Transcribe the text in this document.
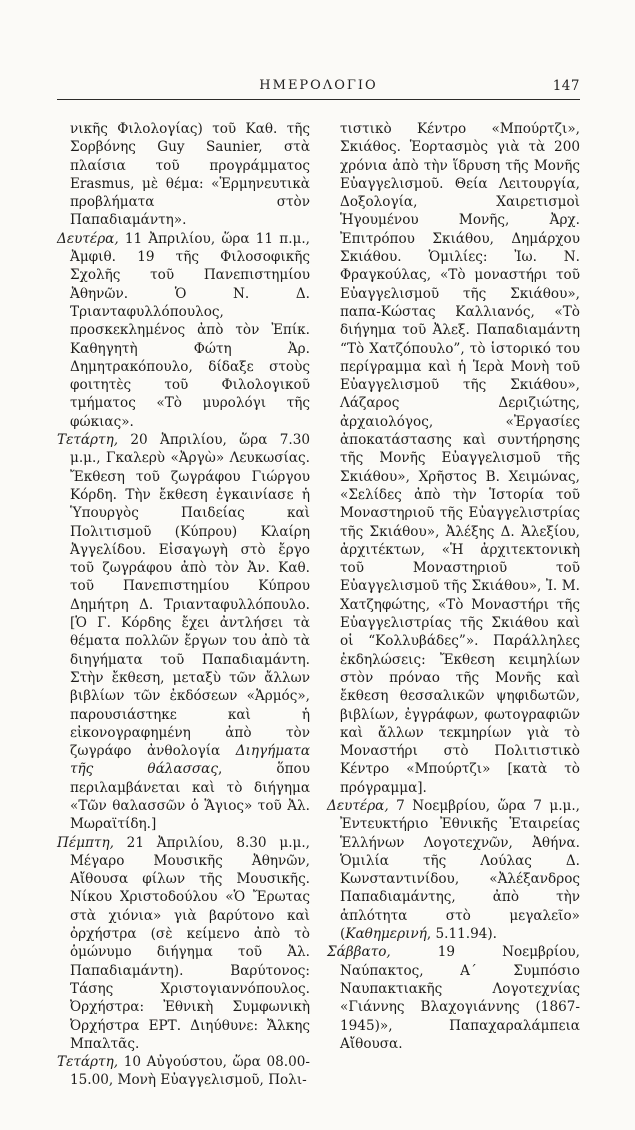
ΗΜΕΡΟΛΟΓΙΟ	147

νικῆς Φιλολογίας) τοῦ Καθ. τῆς Σορβόνης Guy Saunier, στὰ πλαίσια τοῦ προγράμματος Erasmus, μὲ θέμα: «Ἑρμηνευτικὰ προβλήματα στὸν Παπαδιαμάντη».

Δευτέρα, 11 Ἀπριλίου, ὥρα 11 π.μ., Ἀμφιθ. 19 τῆς Φιλοσοφικῆς Σχολῆς τοῦ Πανεπιστημίου Ἀθηνῶν. Ὁ Ν. Δ. Τριανταφυλλόπουλος, προσκεκλημένος ἀπὸ τὸν Ἐπίκ. Καθηγητὴ Φώτη Ἀρ. Δημητρακόπουλο, δίδαξε στοὺς φοιτητὲς τοῦ Φιλολογικοῦ τμήματος «Τὸ μυρολόγι τῆς φώκιας».

Τετάρτη, 20 Ἀπριλίου, ὥρα 7.30 μ.μ., Γκαλερὺ «Ἀργὼ» Λευκωσίας. Ἔκθεση τοῦ ζωγράφου Γιώργου Κόρδη. Τὴν ἔκθεση ἐγκαινίασε ἡ Ὑπουργὸς Παιδείας καὶ Πολιτισμοῦ (Κύπρου) Κλαίρη Ἀγγελίδου. Εἰσαγωγὴ στὸ ἔργο τοῦ ζωγράφου ἀπὸ τὸν Ἀν. Καθ. τοῦ Πανεπιστημίου Κύπρου Δημήτρη Δ. Τριανταφυλλόπουλο. [Ὁ Γ. Κόρδης ἔχει ἀντλήσει τὰ θέματα πολλῶν ἔργων του ἀπὸ τὰ διηγήματα τοῦ Παπαδιαμάντη. Στὴν ἔκθεση, μεταξὺ τῶν ἄλλων βιβλίων τῶν ἐκδόσεων «Ἁρμός», παρουσιάστηκε καὶ ἡ εἰκονογραφημένη ἀπὸ τὸν ζωγράφο ἀνθολογία Διηγήματα τῆς θάλασσας, ὅπου περιλαμβάνεται καὶ τὸ διήγημα «Τῶν θαλασσῶν ὁ Ἅγιος» τοῦ Ἀλ. Μωραϊτίδη.]

Πέμπτη, 21 Ἀπριλίου, 8.30 μ.μ., Μέγαρο Μουσικῆς Ἀθηνῶν, Αἴθουσα φίλων τῆς Μουσικῆς. Νίκου Χριστοδούλου «Ὁ Ἔρωτας στὰ χιόνια» γιὰ βαρύτονο καὶ ὀρχήστρα (σὲ κείμενο ἀπὸ τὸ ὁμώνυμο διήγημα τοῦ Ἀλ. Παπαδιαμάντη). Βαρύτονος: Τάσης Χριστογιαννόπουλος. Ὀρχήστρα: Ἐθνικὴ Συμφωνικὴ Ὀρχήστρα ΕΡΤ. Διηύθυνε: Ἄλκης Μπαλτᾶς.

Τετάρτη, 10 Αὐγούστου, ὥρα 08.00-15.00, Μονὴ Εὐαγγελισμοῦ, Πολι-

τιστικὸ Κέντρο «Μπούρτζι», Σκιάθος. Ἑορτασμὸς γιὰ τὰ 200 χρόνια ἀπὸ τὴν ἵδρυση τῆς Μονῆς Εὐαγγελισμοῦ. Θεία Λειτουργία, Δοξολογία, Χαιρετισμοὶ Ἡγουμένου Μονῆς, Ἀρχ. Ἐπιτρόπου Σκιάθου, Δημάρχου Σκιάθου. Ὁμιλίες: Ἰω. Ν. Φραγκούλας, «Τὸ μοναστήρι τοῦ Εὐαγγελισμοῦ τῆς Σκιάθου», παπα-Κώστας Καλλιανός, «Τὸ διήγημα τοῦ Ἀλεξ. Παπαδιαμάντη “Τὸ Χατζόπουλο”, τὸ ἱστορικό του περίγραμμα καὶ ἡ Ἱερὰ Μονὴ τοῦ Εὐαγγελισμοῦ τῆς Σκιάθου», Λάζαρος Δεριζιώτης, ἀρχαιολόγος, «Ἐργασίες ἀποκατάστασης καὶ συντήρησης τῆς Μονῆς Εὐαγγελισμοῦ τῆς Σκιάθου», Χρῆστος Β. Χειμώνας, «Σελίδες ἀπὸ τὴν Ἱστορία τοῦ Μοναστηριοῦ τῆς Εὐαγγελιστρίας τῆς Σκιάθου», Ἀλέξης Δ. Ἀλεξίου, ἀρχιτέκτων, «Ἡ ἀρχιτεκτονικὴ τοῦ Μοναστηριοῦ τοῦ Εὐαγγελισμοῦ τῆς Σκιάθου», Ἰ. Μ. Χατζηφώτης, «Τὸ Μοναστήρι τῆς Εὐαγγελιστρίας τῆς Σκιάθου καὶ οἱ “Κολλυβάδες”». Παράλληλες ἐκδηλώσεις: Ἔκθεση κειμηλίων στὸν πρόναο τῆς Μονῆς καὶ ἔκθεση θεσσαλικῶν ψηφιδωτῶν, βιβλίων, ἐγγράφων, φωτογραφιῶν καὶ ἄλλων τεκμηρίων γιὰ τὸ Μοναστήρι στὸ Πολιτιστικὸ Κέντρο «Μπούρτζι» [κατὰ τὸ πρόγραμμα].

Δευτέρα, 7 Νοεμβρίου, ὥρα 7 μ.μ., Ἐντευκτήριο Ἐθνικῆς Ἑταιρείας Ἑλλήνων Λογοτεχνῶν, Ἀθήνα. Ὁμιλία τῆς Λούλας Δ. Κωνσταντινίδου, «Ἀλέξανδρος Παπαδιαμάντης, ἀπὸ τὴν ἁπλότητα στὸ μεγαλεῖο» (Καθημερινή, 5.11.94).

Σάββατο, 19 Νοεμβρίου, Ναύπακτος, Α΄ Συμπόσιο Ναυπακτιακῆς Λογοτεχνίας «Γιάννης Βλαχογιάννης (1867-1945)», Παπαχαραλάμπεια Αἴθουσα.
